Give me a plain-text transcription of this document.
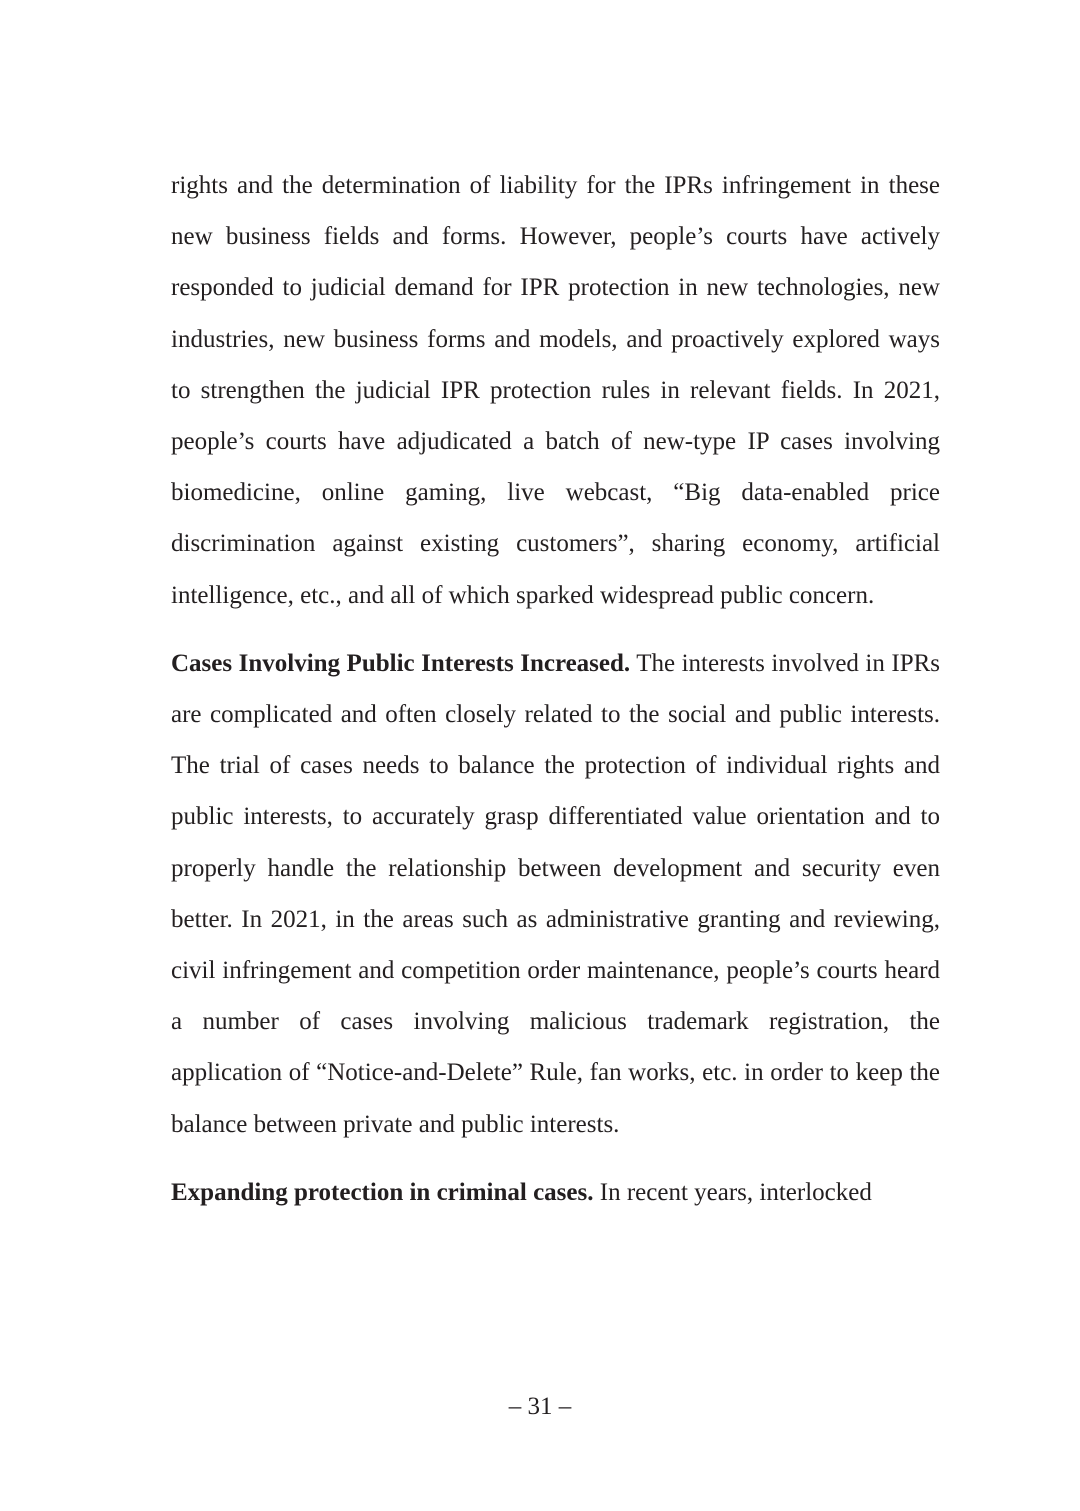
rights and the determination of liability for the IPRs infringement in these new business fields and forms. However, people’s courts have actively responded to judicial demand for IPR protection in new technologies, new industries, new business forms and models, and proactively explored ways to strengthen the judicial IPR protection rules in relevant fields. In 2021, people’s courts have adjudicated a batch of new-type IP cases involving biomedicine, online gaming, live webcast, “Big data-enabled price discrimination against existing customers”, sharing economy, artificial intelligence, etc., and all of which sparked widespread public concern.

Cases Involving Public Interests Increased. The interests involved in IPRs are complicated and often closely related to the social and public interests. The trial of cases needs to balance the protection of individual rights and public interests, to accurately grasp differentiated value orientation and to properly handle the relationship between development and security even better. In 2021, in the areas such as administrative granting and reviewing, civil infringement and competition order maintenance, people’s courts heard a number of cases involving malicious trademark registration, the application of “Notice-and-Delete” Rule, fan works, etc. in order to keep the balance between private and public interests.

Expanding protection in criminal cases. In recent years, interlocked

– 31 –
